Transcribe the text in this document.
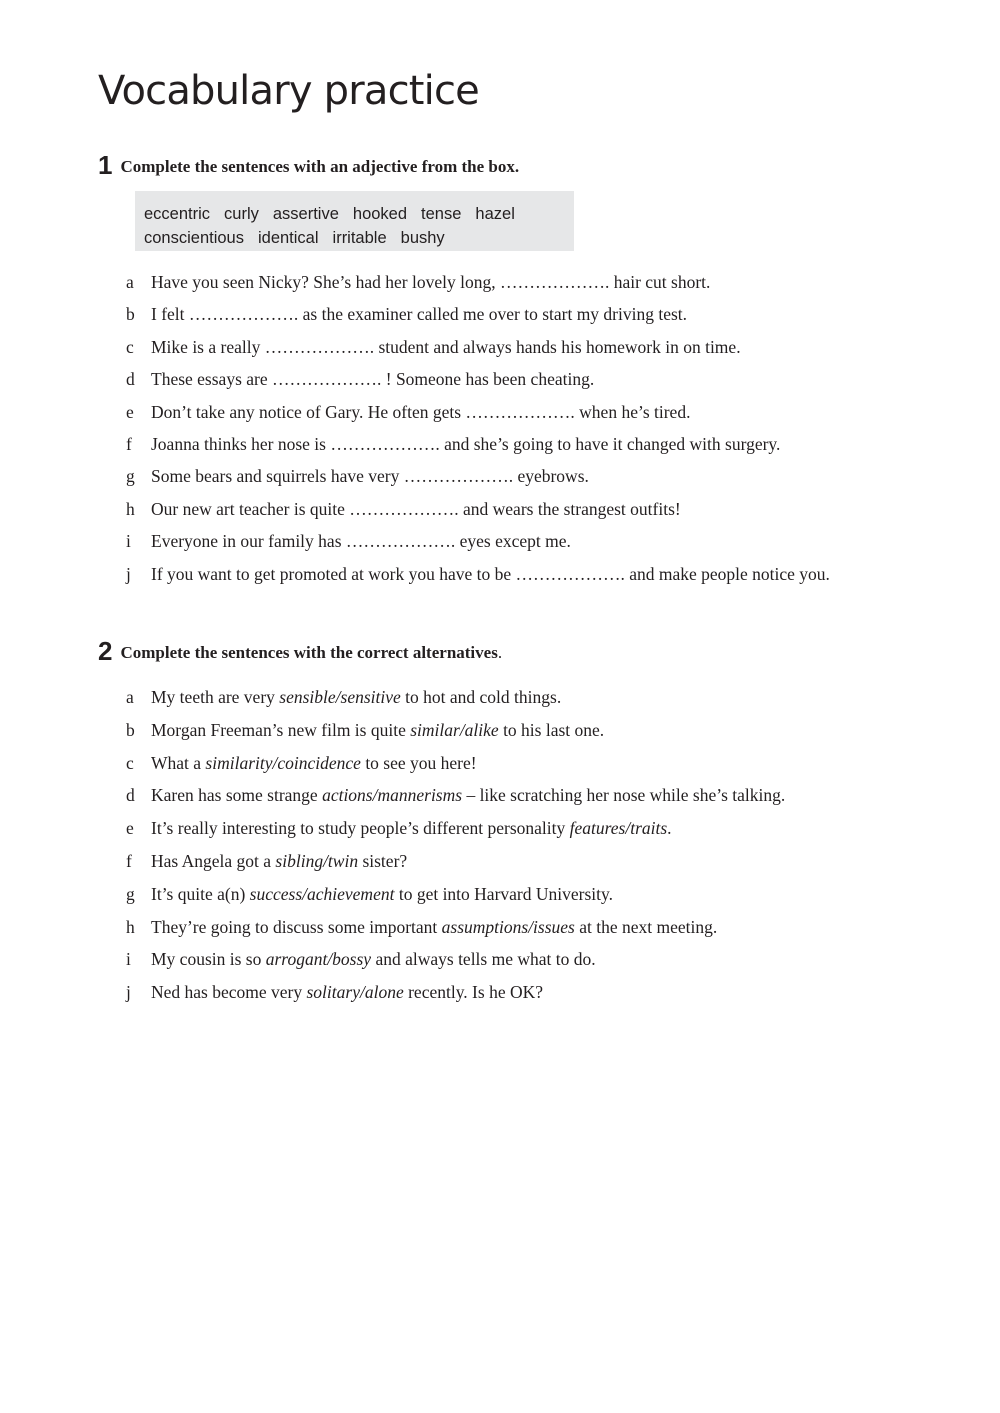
Vocabulary practice
1 Complete the sentences with an adjective from the box.
eccentric curly assertive hooked tense hazel
conscientious identical irritable bushy
a Have you seen Nicky? She’s had her lovely long, ………………. hair cut short.
b I felt ………………. as the examiner called me over to start my driving test.
c Mike is a really ………………. student and always hands his homework in on time.
d These essays are ………………. ! Someone has been cheating.
e Don’t take any notice of Gary. He often gets ………………. when he’s tired.
f Joanna thinks her nose is ………………. and she’s going to have it changed with surgery.
g Some bears and squirrels have very ………………. eyebrows.
h Our new art teacher is quite ………………. and wears the strangest outfits!
i Everyone in our family has ………………. eyes except me.
j If you want to get promoted at work you have to be ………………. and make people notice you.
2 Complete the sentences with the correct alternatives.
a My teeth are very sensible/sensitive to hot and cold things.
b Morgan Freeman’s new film is quite similar/alike to his last one.
c What a similarity/coincidence to see you here!
d Karen has some strange actions/mannerisms – like scratching her nose while she’s talking.
e It’s really interesting to study people’s different personality features/traits.
f Has Angela got a sibling/twin sister?
g It’s quite a(n) success/achievement to get into Harvard University.
h They’re going to discuss some important assumptions/issues at the next meeting.
i My cousin is so arrogant/bossy and always tells me what to do.
j Ned has become very solitary/alone recently. Is he OK?
